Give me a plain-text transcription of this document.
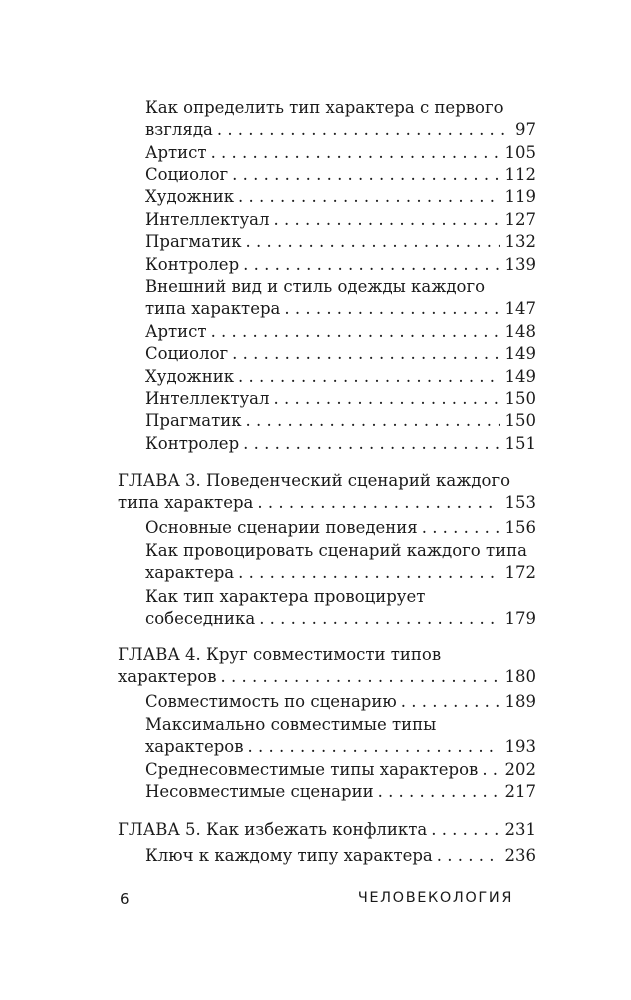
Как определить тип характера с первого
взгляда . . .	97
Артист . . .	105
Социолог . . .	112
Художник . . .	119
Интеллектуал . . .	127
Прагматик . . .	132
Контролер . . .	139
Внешний вид и стиль одежды каждого
типа характера . . .	147
Артист . . .	148
Социолог . . .	149
Художник . . .	149
Интеллектуал . . .	150
Прагматик . . .	150
Контролер . . .	151
ГЛАВА 3. Поведенческий сценарий каждого
типа характера . . .	153
Основные сценарии поведения . . .	156
Как провоцировать сценарий каждого типа
характера . . .	172
Как тип характера провоцирует
собеседника . . .	179
ГЛАВА 4. Круг совместимости типов
характеров . . .	180
Совместимость по сценарию . . .	189
Максимально совместимые типы
характеров . . .	193
Среднесовместимые типы характеров . . . 202
Несовместимые сценарии . . .	217
ГЛАВА 5. Как избежать конфликта . . .	231
Ключ к каждому типу характера . . .	236
6	ЧЕЛОВЕКОЛОГИЯ
